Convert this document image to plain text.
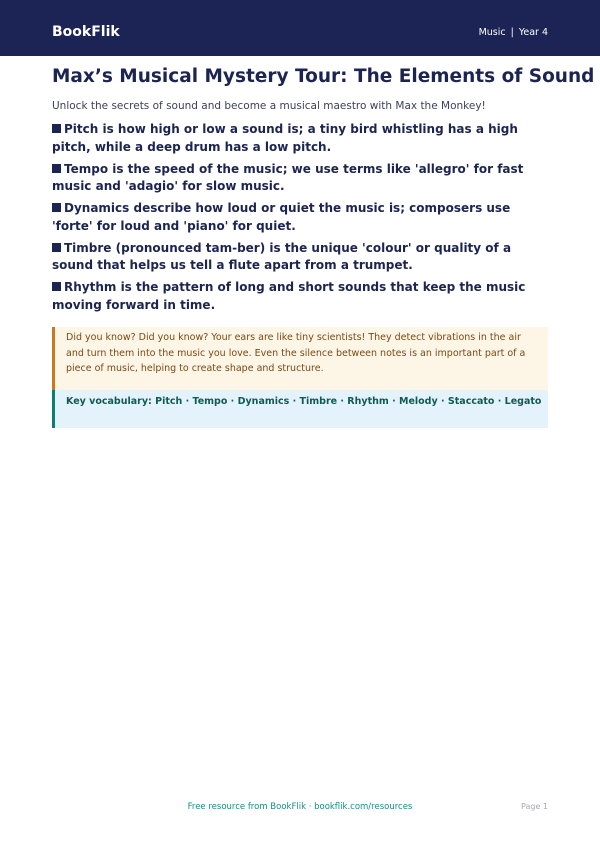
BookFlik	Music | Year 4
Max’s Musical Mystery Tour: The Elements of Sound
Unlock the secrets of sound and become a musical maestro with Max the Monkey!
Pitch is how high or low a sound is; a tiny bird whistling has a high pitch, while a deep drum has a low pitch.
Tempo is the speed of the music; we use terms like 'allegro' for fast music and 'adagio' for slow music.
Dynamics describe how loud or quiet the music is; composers use 'forte' for loud and 'piano' for quiet.
Timbre (pronounced tam-ber) is the unique 'colour' or quality of a sound that helps us tell a flute apart from a trumpet.
Rhythm is the pattern of long and short sounds that keep the music moving forward in time.
Did you know? Did you know? Your ears are like tiny scientists! They detect vibrations in the air and turn them into the music you love. Even the silence between notes is an important part of a piece of music, helping to create shape and structure.
Key vocabulary: Pitch · Tempo · Dynamics · Timbre · Rhythm · Melody · Staccato · Legato
Free resource from BookFlik · bookflik.com/resources	Page 1
